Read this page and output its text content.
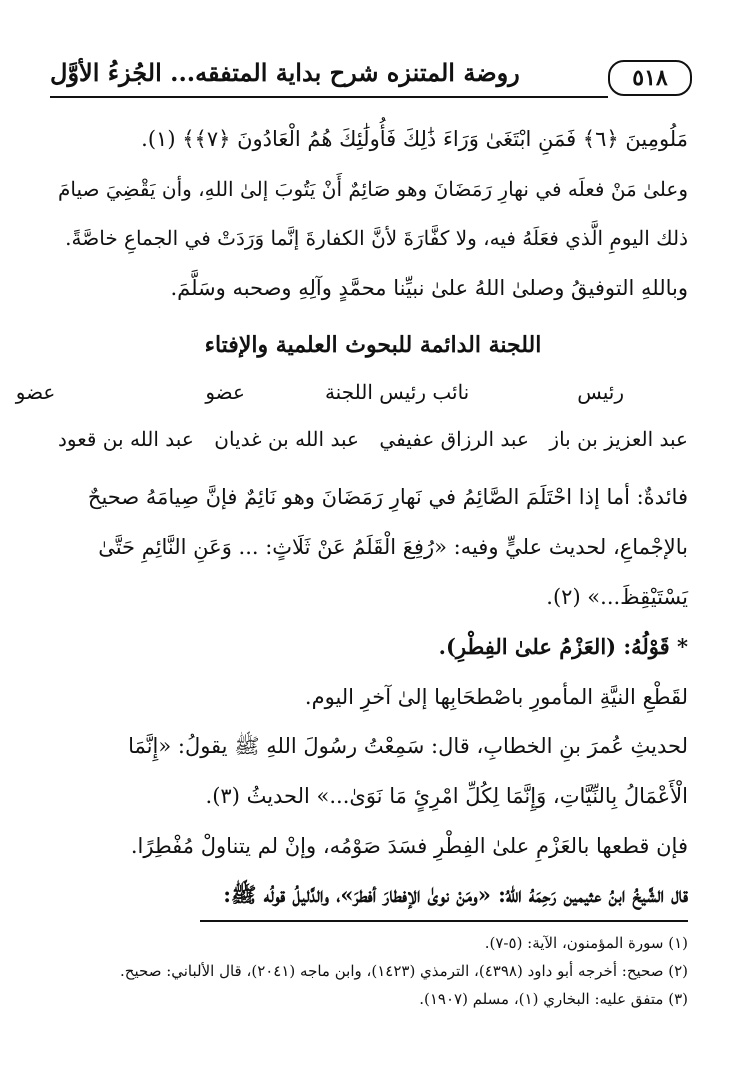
٥١٨
روضة المتنزه شرح بداية المتفقه... الجُزءُ الأوَّل
مَلُومِينَ ﴿٦﴾ فَمَنِ ابْتَغَىٰ وَرَاءَ ذَٰلِكَ فَأُولَٰئِكَ هُمُ الْعَادُونَ ﴿٧﴾﴾ (١).
وعلىٰ مَنْ فعلَه في نهارِ رَمَضَانَ وهو صَائِمٌ أَنْ يَتُوبَ إلىٰ اللهِ، وأن يَقْضِيَ صيامَ
ذلك اليومِ الَّذي فعَلَهُ فيه، ولا كفَّارَةَ لأنَّ الكفارةَ إنَّما وَرَدَتْ في الجماعِ خاصَّةً.
وباللهِ التوفيقُ وصلىٰ اللهُ علىٰ نبيِّنا محمَّدٍ وآلِهِ وصحبه وسَلَّمَ.
اللجنة الدائمة للبحوث العلمية والإفتاء
رئيس
نائب رئيس اللجنة
عضو
عضو
عبد العزيز بن باز
عبد الرزاق عفيفي
عبد الله بن غديان
عبد الله بن قعود
فائدةٌ: أما إذا احْتَلَمَ الصَّائِمُ في نَهارِ رَمَضَانَ وهو نَائِمٌ فإنَّ صِيامَهُ صحيحٌ
بالإجْماعِ، لحديث عليٍّ وفيه: «رُفِعَ الْقَلَمُ عَنْ ثَلَاثٍ: ... وَعَنِ النَّائِمِ حَتَّىٰ
يَسْتَيْقِظَ...» (٢).
* قَوْلُهُ: (العَزْمُ علىٰ الفِطْرِ).
لقَطْعِ النيَّةِ المأمورِ باصْطحَابِها إلىٰ آخرِ اليوم.
لحديثِ عُمرَ بنِ الخطابِ، قال: سَمِعْتُ رسُولَ اللهِ ﷺ يقولُ: «إِنَّمَا
الْأَعْمَالُ بِالنِّيَّاتِ، وَإِنَّمَا لِكُلِّ امْرِئٍ مَا نَوَىٰ...» الحديثُ (٣).
فإن قطعها بالعَزْمِ علىٰ الفِطْرِ فسَدَ صَوْمُه، وإنْ لم يتناولْ مُفْطِرًا.
قال الشَّيخُ ابنُ عثيمين رَحِمَهُ اللهُ: «ومَنْ نوىٰ الإفطارَ أفطرَ»، والدَّليلُ قولُه ﷺ:
(١) سورة المؤمنون، الآية: (٥-٧).
(٢) صحيح: أخرجه أبو داود (٤٣٩٨)، الترمذي (١٤٢٣)، وابن ماجه (٢٠٤١)، قال الألباني: صحيح.
(٣) متفق عليه: البخاري (١)، مسلم (١٩٠٧).
